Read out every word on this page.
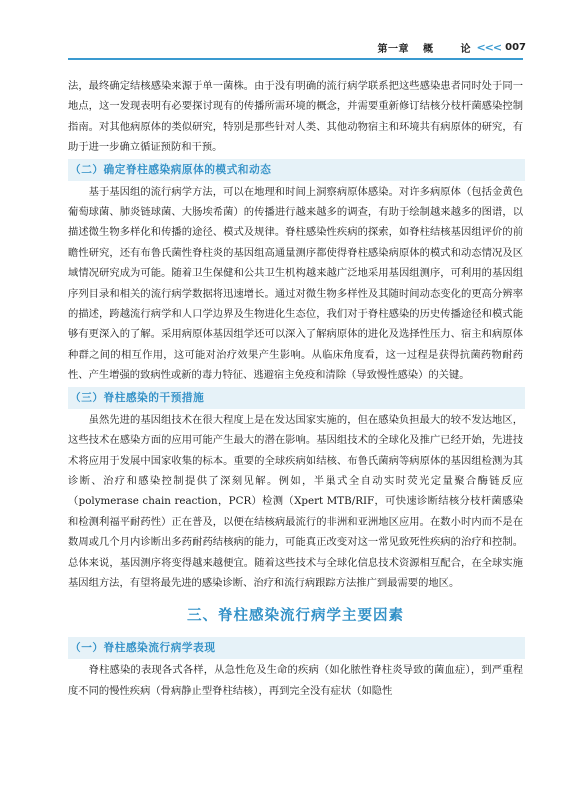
第一章 概 论
<<< 007

法，最终确定结核感染来源于单一菌株。由于没有明确的流行病学联系把这些感染患者同时处于同一地点，这一发现表明有必要探讨现有的传播所需环境的概念，并需要重新修订结核分枝杆菌感染控制指南。对其他病原体的类似研究，特别是那些针对人类、其他动物宿主和环境共有病原体的研究，有助于进一步确立循证预防和干预。

（二）确定脊柱感染病原体的模式和动态

基于基因组的流行病学方法，可以在地理和时间上洞察病原体感染。对许多病原体（包括金黄色葡萄球菌、肺炎链球菌、大肠埃希菌）的传播进行越来越多的调查，有助于绘制越来越多的图谱，以描述微生物多样化和传播的途径、模式及规律。脊柱感染性疾病的探索，如脊柱结核基因组评价的前瞻性研究，还有布鲁氏菌性脊柱炎的基因组高通量测序都使得脊柱感染病原体的模式和动态情况及区域情况研究成为可能。随着卫生保健和公共卫生机构越来越广泛地采用基因组测序，可利用的基因组序列目录和相关的流行病学数据将迅速增长。通过对微生物多样性及其随时间动态变化的更高分辨率的描述，跨越流行病学和人口学边界及生物进化生态位，我们对于脊柱感染的历史传播途径和模式能够有更深入的了解。采用病原体基因组学还可以深入了解病原体的进化及选择性压力、宿主和病原体种群之间的相互作用，这可能对治疗效果产生影响。从临床角度看，这一过程是获得抗菌药物耐药性、产生增强的致病性或新的毒力特征、逃避宿主免疫和清除（导致慢性感染）的关键。

（三）脊柱感染的干预措施

虽然先进的基因组技术在很大程度上是在发达国家实施的，但在感染负担最大的较不发达地区，这些技术在感染方面的应用可能产生最大的潜在影响。基因组技术的全球化及推广已经开始，先进技术将应用于发展中国家收集的标本。重要的全球疾病如结核、布鲁氏菌病等病原体的基因组检测为其诊断、治疗和感染控制提供了深刻见解。例如，半巢式全自动实时荧光定量聚合酶链反应（polymerase chain reaction，PCR）检测（Xpert MTB/RIF，可快速诊断结核分枝杆菌感染和检测利福平耐药性）正在普及，以便在结核病最流行的非洲和亚洲地区应用。在数小时内而不是在数周或几个月内诊断出多药耐药结核病的能力，可能真正改变对这一常见致死性疾病的治疗和控制。总体来说，基因测序将变得越来越便宜。随着这些技术与全球化信息技术资源相互配合，在全球实施基因组方法，有望将最先进的感染诊断、治疗和流行病跟踪方法推广到最需要的地区。

三、脊柱感染流行病学主要因素
（一）脊柱感染流行病学表现

脊柱感染的表现各式各样，从急性危及生命的疾病（如化脓性脊柱炎导致的菌血症），到严重程度不同的慢性疾病（骨病静止型脊柱结核），再到完全没有症状（如隐性
